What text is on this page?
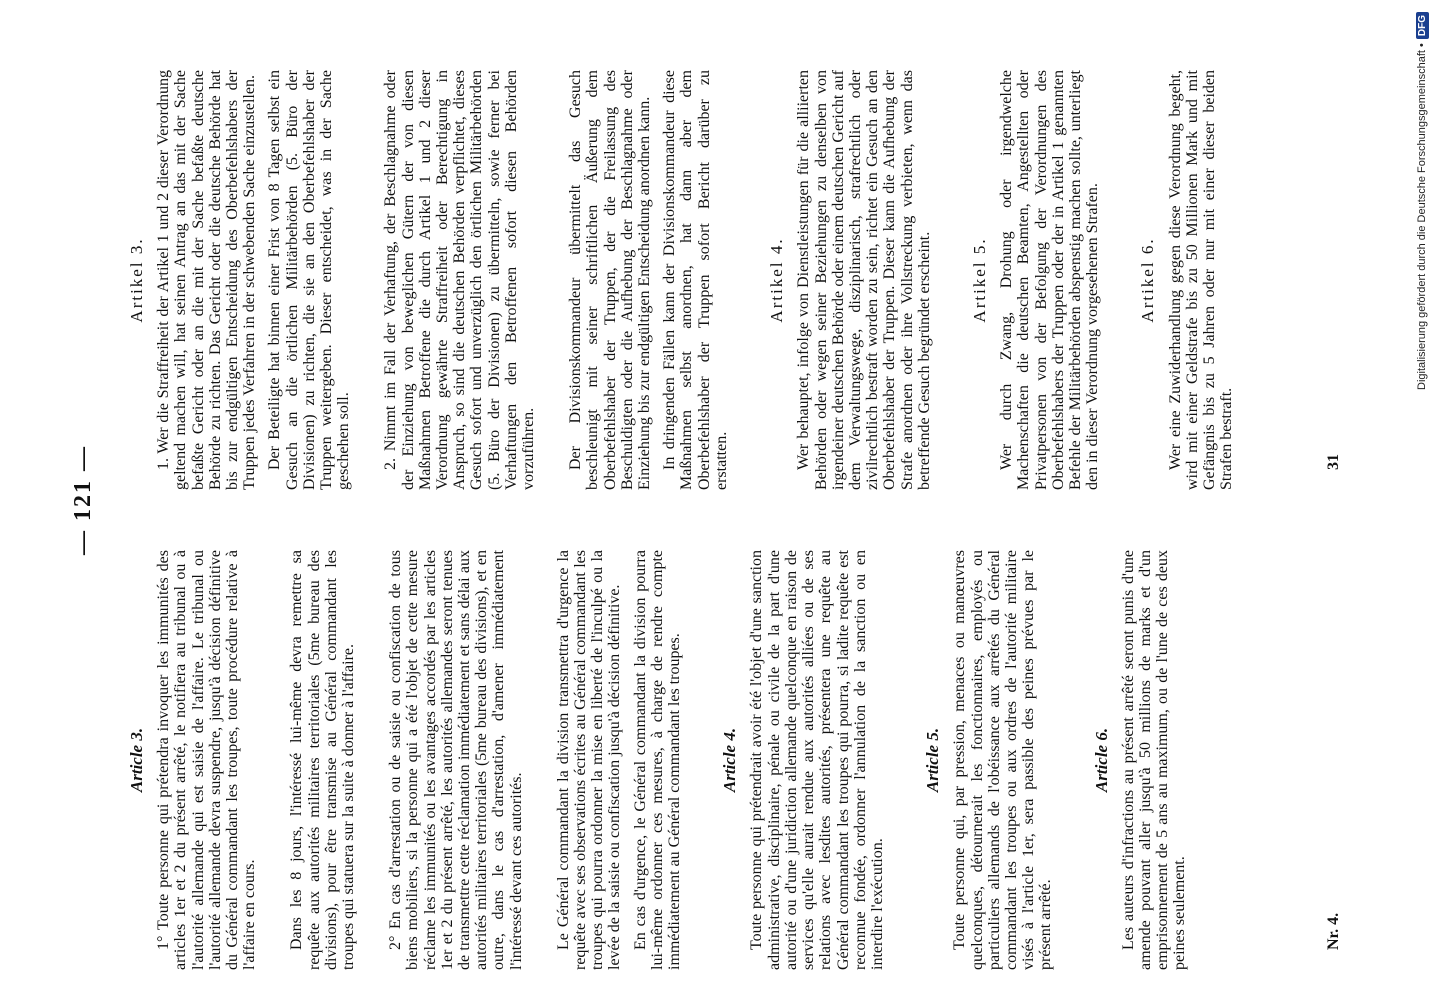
— 121 —
Article 3. 1° Toute personne qui prétendra invoquer les immunités des articles 1er et 2 du présent arrêté, le notifiera au tribunal ou à l'autorité allemande qui est saisie de l'affaire. Le tribunal ou l'autorité allemande devra suspendre, jusqu'à décision définitive du Général commandant les troupes, toute procédure relative à l'affaire en cours. Dans les 8 jours, l'intéressé lui-même devra remettre sa requête aux autorités militaires territoriales (5me bureau des divisions), pour être transmise au Général commandant les troupes qui statuera sur la suite à donner à l'affaire. 2° En cas d'arrestation ou de saisie ou confiscation de tous biens mobiliers, si la personne qui a été l'objet de cette mesure réclame les immunités ou les avantages accordés par les articles 1er et 2 du présent arrêté, les autorités allemandes seront tenues de transmettre cette réclamation immédiatement et sans délai aux autorités militaires territoriales (5me bureau des divisions), et en outre, dans le cas d'arrestation, d'amener immédiatement l'intéressé devant ces autorités. Le Général commandant la division transmettra d'urgence la requête avec ses observations écrites au Général commandant les troupes qui pourra ordonner la mise en liberté de l'inculpé ou la levée de la saisie ou confiscation jusqu'à décision définitive. En cas d'urgence, le Général commandant la division pourra lui-même ordonner ces mesures, à charge de rendre compte immédiatement au Général commandant les troupes. Article 4. Toute personne qui prétendrait avoir été l'objet d'une sanction administrative, disciplinaire, pénale ou civile de la part d'une autorité ou d'une juridiction allemande quelconque en raison de services qu'elle aurait rendue aux autorités alliées ou de ses relations avec lesdites autorités, présentera une requête au Général commandant les troupes qui pourra, si ladite requête est reconnue fondée, ordonner l'annulation de la sanction ou en interdire l'exécution.

Article 5. Toute personne qui, par pression, menaces ou manœuvres quelconques, détournerait les fonctionnaires, employés ou particuliers allemands de l'obéissance aux arrêtés du Général commandant les troupes ou aux ordres de l'autorité militaire visés à l'article 1er, sera passible des peines prévues par le présent arrêté.

Article 6. Les auteurs d'infractions au présent arrêté seront punis d'une amende pouvant aller jusqu'à 50 millions de marks et d'un emprisonnement de 5 ans au maximum, ou de l'une de ces deux peines seulement.

Artikel 3. 1. Wer die Straffreiheit der Artikel 1 und 2 dieser Verordnung geltend machen will, hat seinen Antrag an das mit der Sache befaßte Gericht oder an die mit der Sache befaßte deutsche Behörde zu richten. Das Gericht oder die deutsche Behörde hat bis zur endgültigen Entscheidung des Oberbefehlshabers der Truppen jedes Verfahren in der schwebenden Sache einzustellen. Der Beteiligte hat binnen einer Frist von 8 Tagen selbst ein Gesuch an die örtlichen Militärbehörden (5. Büro der Divisionen) zu richten, die sie an den Oberbefehlshaber der Truppen weitergeben. Dieser entscheidet, was in der Sache geschehen soll. 2. Nimmt im Fall der Verhaftung, der Beschlagnahme oder der Einziehung von beweglichen Gütern der von diesen Maßnahmen Betroffene die durch Artikel 1 und 2 dieser Verordnung gewährte Straffreiheit oder Berechtigung in Anspruch, so sind die deutschen Behörden verpflichtet, dieses Gesuch sofort und unverzüglich den örtlichen Militärbehörden (5. Büro der Divisionen) zu übermitteln, sowie ferner bei Verhaftungen den Betroffenen sofort diesen Behörden vorzuführen. Der Divisionskommandeur übermittelt das Gesuch beschleunigt mit seiner schriftlichen Äußerung dem Oberbefehlshaber der Truppen, der die Freilassung des Beschuldigten oder die Aufhebung der Beschlagnahme oder Einziehung bis zur endgültigen Entscheidung anordnen kann. In dringenden Fällen kann der Divisionskommandeur diese Maßnahmen selbst anordnen, hat dann aber dem Oberbefehlshaber der Truppen sofort Bericht darüber zu erstatten.

Artikel 4. Wer behauptet, infolge von Dienstleistungen für die alliierten Behörden oder wegen seiner Beziehungen zu denselben von irgendeiner deutschen Behörde oder einem deutschen Gericht auf dem Verwaltungswege, disziplinarisch, strafrechtlich oder zivilrechtlich bestraft worden zu sein, richtet ein Gesuch an den Oberbefehlshaber der Truppen. Dieser kann die Aufhebung der Strafe anordnen oder ihre Vollstreckung verbieten, wenn das betreffende Gesuch begründet erscheint. Artikel 5. Wer durch Zwang, Drohung oder irgendwelche Machenschaften die deutschen Beamten, Angestellten oder Privatpersonen von der Befolgung der Verordnungen des Oberbefehlshabers der Truppen oder der in Artikel 1 genannten Befehle der Militärbehörden abspenstig machen sollte, unterliegt den in dieser Verordnung vorgesehenen Strafen. Artikel 6. Wer eine Zuwiderhandlung gegen diese Verordnung begeht, wird mit einer Geldstrafe bis zu 50 Millionen Mark und mit Gefängnis bis zu 5 Jahren oder nur mit einer dieser beiden Strafen bestraft.

Nr. 4.
31
Digitalisierung gefördert durch die Deutsche Forschungsgemeinschaft •
DFG
